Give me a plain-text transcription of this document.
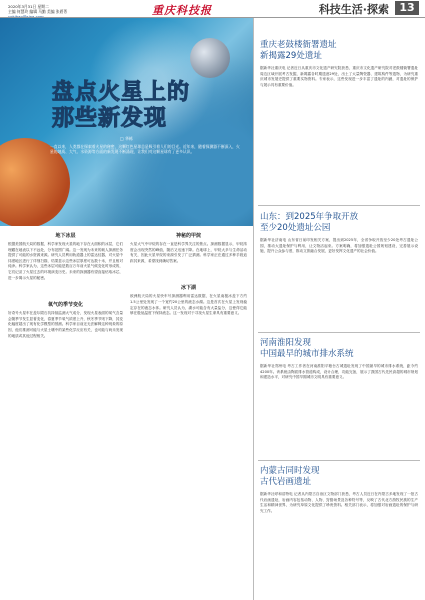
2020年3月31日 星期二
主编 何慧玲 编辑 马勤 美编 张碧菁	重庆科技报	科技生活·探索 13
盘点火星上的
那些新发现
□ 华栋
一直以来，人类都在探索着火星的秘密，这颗红色星球总是吸引着人们的目光。近年来，随着探测器不断深入，火星的地质、大气、水资源等方面的新发现不断涌现，让我们对这颗星球有了更多认识。
地下冰层
根据美国航天局的数据，科学家发现火星的地下存在大面积的冰层，它们埋藏在地表以下不远处，分布范围广阔。这一发现为未来的载人探测任务提供了可能的水资源来源。研究人员利用轨道器上的雷达仪器，对火星中纬度地区进行了详细扫描，结果显示这些冰层厚度可达数十米，并且相对纯净。科学家认为，这些冰层可能是数百万年前火星气候变化时形成的，它们记录了火星过去的环境演变历史。未来的探测器有望直接钻取冰芯，进一步揭示火星的秘密。
氧气的季节变化
好奇号火星车在盖尔陨石坑持续监测大气成分，发现火星表面的氧气含量会随季节发生显著变化，春夏季节氧气浓度上升，秋冬季节则下降，其变化幅度超出了现有化学模型的预测。科学家目前还无法解释这种现象的原因，他们推测可能与火星土壤中的某些化学反应有关，也可能与尚未发现的地质或其他过程相关。
神秘的甲烷
火星大气中甲烷的存在一直是科学界关注的焦点。探测数据显示，甲烷浓度会出现突然的峰值，随后又迅速下降。在地球上，甲烷大多与生命活动有关，因此火星甲烷的来源引发了广泛猜测。科学家正在通过多种手段追踪其来源，希望找到确切答案。
冰下湖
欧洲航天局的火星快车号探测器利用雷达数据，在火星南极冰盖下方约1.5公里处发现了一个宽约20公里的液态水湖。这是首次在火星上发现稳定存在的液态水体。研究人员认为，湖水可能含有大量盐分，这使得它能够在极低温度下保持液态。这一发现对于寻找火星生命具有重要意义。
重庆老鼓楼衙署遗址
新揭露29处遗址
据新华社重庆电 记者近日从重庆市文化遗产研究院获悉，重庆市文化遗产研究院对老鼓楼衙署遗址周边区域开展考古发掘，新揭露各时期遗迹29处，出土了大量陶瓷器、建筑构件等遗物，为研究重庆城市发展史提供了重要实物资料。专家表示，这些发现进一步丰富了遗址的内涵，对遗址的保护与展示具有重要价值。
山东：到2025年争取开放
至少20处遗址公园
据新华社济南电 山东省日前印发相关方案，提出到2025年，全省争取开放至少20处考古遗址公园，推动大遗址保护与利用，让文物活起来。方案明确，将加强遗址公园规划建设，完善展示设施，提升公众参与度，推动文旅融合发展，更好发挥文化遗产的社会价值。
河南淮阳发现
中国最早的城市排水系统
据新华社郑州电 考古工作者在河南淮阳平粮台古城遗址发现了中国最早的城市排水系统，距今约4200年。该系统由陶质排水管道构成，设计合理，功能完备，展示了我国古代先民高超的城市规划和建造水平，对研究中国早期城市文明具有重要意义。
内蒙古同时发现
古代岩画遗址
据新华社呼和浩特电 记者从内蒙古自治区文物部门获悉，考古人员近日在内蒙古多地发现了一批古代岩画遗址，岩画内容包括动物、人物、狩猎场景及各种符号等，反映了古代北方游牧民族的生产生活和精神世界，为研究草原文化提供了珍贵资料。相关部门表示，将加强对岩画遗址的保护与研究工作。
